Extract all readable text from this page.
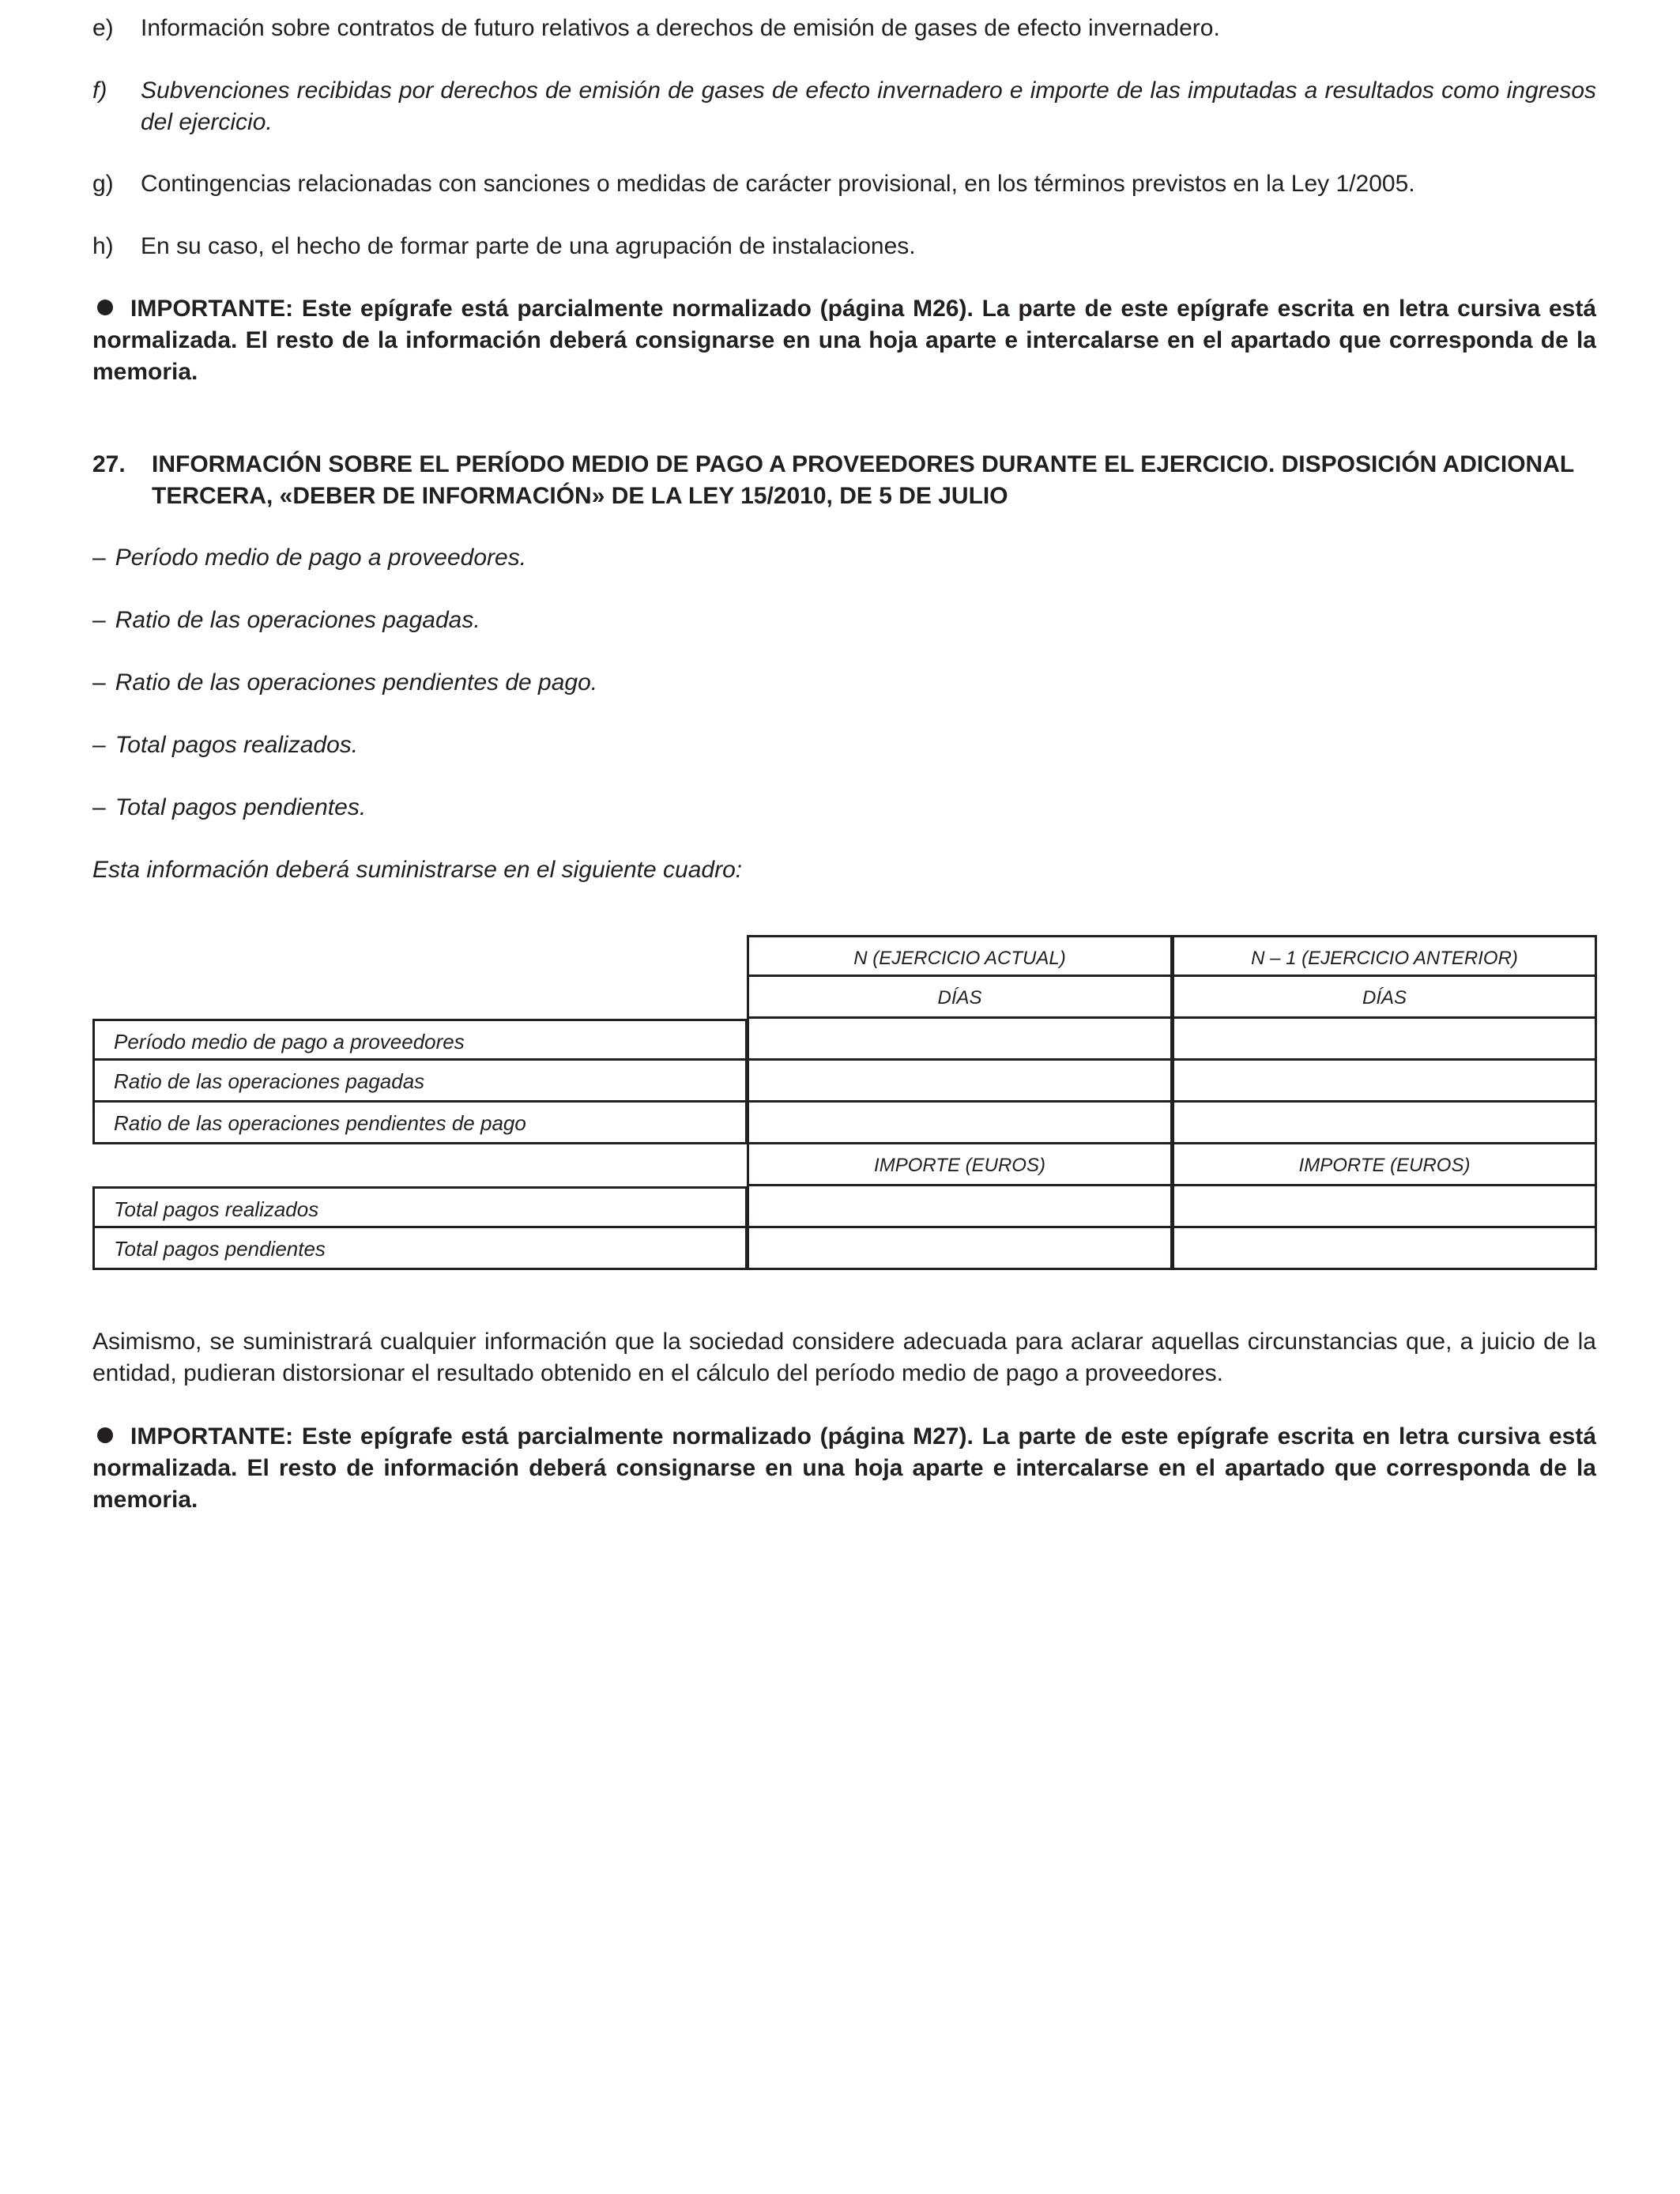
e) Información sobre contratos de futuro relativos a derechos de emisión de gases de efecto invernadero.

f) Subvenciones recibidas por derechos de emisión de gases de efecto invernadero e importe de las imputadas a resultados como ingresos del ejercicio.

g) Contingencias relacionadas con sanciones o medidas de carácter provisional, en los términos previstos en la Ley 1/2005.

h) En su caso, el hecho de formar parte de una agrupación de instalaciones.

IMPORTANTE: Este epígrafe está parcialmente normalizado (página M26). La parte de este epígrafe escrita en letra cursiva está normalizada. El resto de la información deberá consignarse en una hoja aparte e intercalarse en el apartado que corresponda de la memoria.

27. INFORMACIÓN SOBRE EL PERÍODO MEDIO DE PAGO A PROVEEDORES DURANTE EL EJERCICIO. DISPOSICIÓN ADICIONAL TERCERA, «DEBER DE INFORMACIÓN» DE LA LEY 15/2010, DE 5 DE JULIO

– Período medio de pago a proveedores.

– Ratio de las operaciones pagadas.

– Ratio de las operaciones pendientes de pago.

– Total pagos realizados.

– Total pagos pendientes.

Esta información deberá suministrarse en el siguiente cuadro:

N (EJERCICIO ACTUAL)	N – 1 (EJERCICIO ANTERIOR)
DÍAS	DÍAS
Período medio de pago a proveedores
Ratio de las operaciones pagadas
Ratio de las operaciones pendientes de pago
IMPORTE (EUROS)	IMPORTE (EUROS)
Total pagos realizados
Total pagos pendientes

Asimismo, se suministrará cualquier información que la sociedad considere adecuada para aclarar aquellas circunstancias que, a juicio de la entidad, pudieran distorsionar el resultado obtenido en el cálculo del período medio de pago a proveedores.

IMPORTANTE: Este epígrafe está parcialmente normalizado (página M27). La parte de este epígrafe escrita en letra cursiva está normalizada. El resto de información deberá consignarse en una hoja aparte e intercalarse en el apartado que corresponda de la memoria.
